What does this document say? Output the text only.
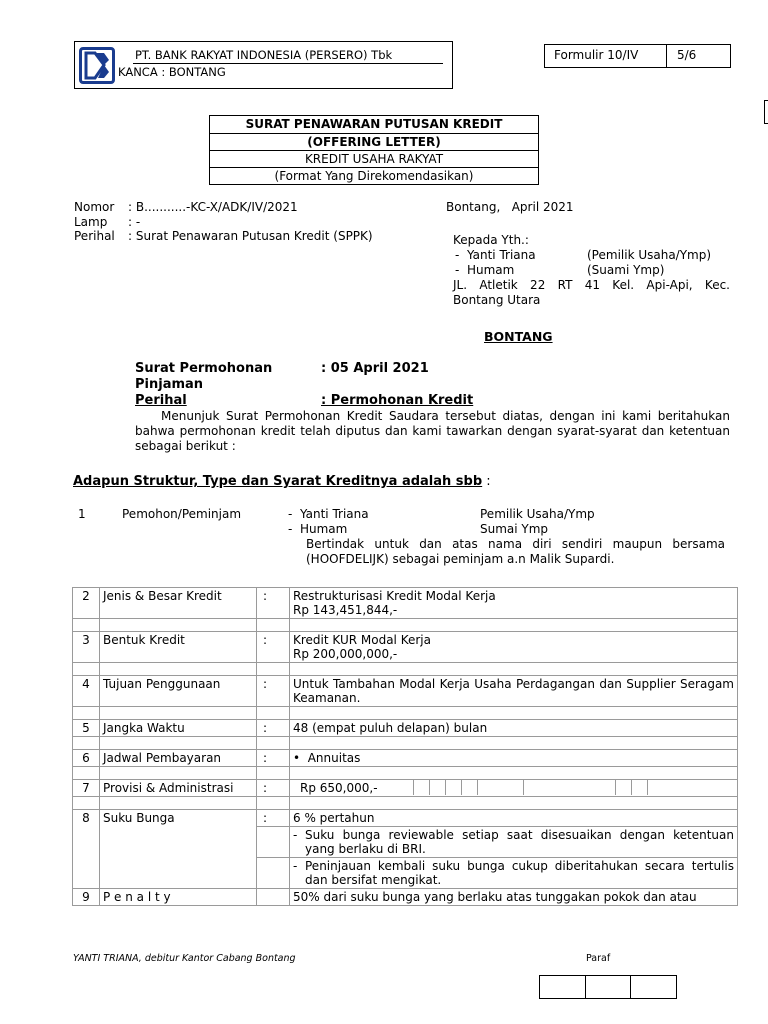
PT. BANK RAKYAT INDONESIA (PERSERO) Tbk
KANCA : BONTANG
Formulir 10/IV	5/6
SURAT PENAWARAN PUTUSAN KREDIT
(OFFERING LETTER)
KREDIT USAHA RAKYAT
(Format Yang Direkomendasikan)
Nomor	: B...........-KC-X/ADK/IV/2021
Lamp	: -
Perihal	: Surat Penawaran Putusan Kredit (SPPK)
Bontang,   April 2021
Kepada Yth.:
-  Yanti Triana	(Pemilik Usaha/Ymp)
-  Humam	(Suami Ymp)
JL. Atletik 22 RT 41 Kel. Api-Api, Kec.
Bontang Utara
BONTANG
Surat Permohonan Pinjaman
: 05 April 2021
Perihal	: Permohonan Kredit
Menunjuk Surat Permohonan Kredit Saudara tersebut diatas, dengan ini kami beritahukan bahwa permohonan kredit telah diputus dan kami tawarkan dengan syarat-syarat dan ketentuan sebagai berikut :
Adapun Struktur, Type dan Syarat Kreditnya adalah sbb :
1	Pemohon/Peminjam	-  Yanti Triana	Pemilik Usaha/Ymp
-  Humam	Sumai Ymp
Bertindak untuk dan atas nama diri sendiri maupun bersama (HOOFDELIJK) sebagai peminjam a.n Malik Supardi.
2	Jenis & Besar Kredit	:	Restrukturisasi Kredit Modal Kerja
Rp 143,451,844,-

3	Bentuk Kredit	:	Kredit KUR Modal Kerja
Rp 200,000,000,-

4	Tujuan Penggunaan	:	Untuk Tambahan Modal Kerja Usaha Perdagangan dan Supplier Seragam Keamanan.

5	Jangka Waktu	:	48 (empat puluh delapan) bulan

6	Jadwal Pembayaran	:	•  Annuitas

7	Provisi & Administrasi	:	Rp 650,000,-

8	Suku Bunga	:	6 % pertahun

			- Suku bunga reviewable setiap saat disesuaikan dengan ketentuan yang berlaku di BRI.

			- Peninjauan kembali suku bunga cukup diberitahukan secara tertulis dan bersifat mengikat.

9	P e n a l t y		50% dari suku bunga yang berlaku atas tunggakan pokok dan atau
YANTI TRIANA, debitur Kantor Cabang Bontang	Paraf
